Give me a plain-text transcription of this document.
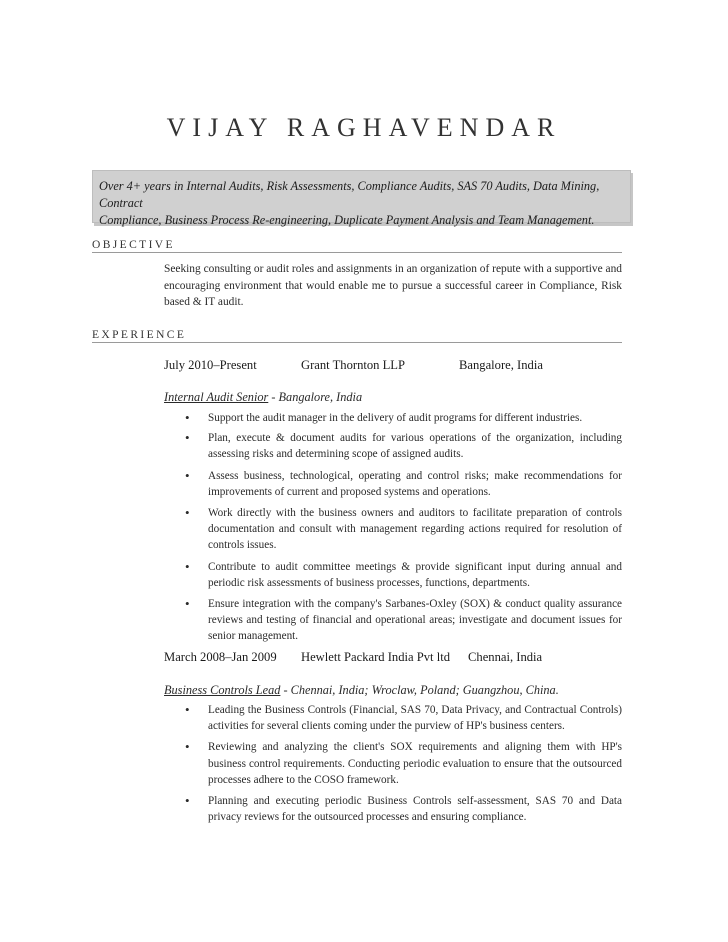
VIJAY RAGHAVENDAR

Over 4+ years in Internal Audits, Risk Assessments, Compliance Audits, SAS 70 Audits, Data Mining, Contract
Compliance, Business Process Re-engineering, Duplicate Payment Analysis and Team Management.

OBJECTIVE

Seeking consulting or audit roles and assignments in an organization of repute with a supportive and encouraging environment that would enable me to pursue a successful career in Compliance, Risk based & IT audit.

EXPERIENCE
July 2010–Present	Grant Thornton LLP	Bangalore, India
Internal Audit Senior - Bangalore, India
• Support the audit manager in the delivery of audit programs for different industries.
• Plan, execute & document audits for various operations of the organization, including assessing risks and determining scope of assigned audits.
• Assess business, technological, operating and control risks; make recommendations for improvements of current and proposed systems and operations.
• Work directly with the business owners and auditors to facilitate preparation of controls documentation and consult with management regarding actions required for resolution of controls issues.
• Contribute to audit committee meetings & provide significant input during annual and periodic risk assessments of business processes, functions, departments.
• Ensure integration with the company's Sarbanes-Oxley (SOX) & conduct quality assurance reviews and testing of financial and operational areas; investigate and document issues for senior management.
March 2008–Jan 2009 Hewlett Packard India Pvt ltd Chennai, India
Business Controls Lead - Chennai, India; Wroclaw, Poland; Guangzhou, China.
• Leading the Business Controls (Financial, SAS 70, Data Privacy, and Contractual Controls) activities for several clients coming under the purview of HP's business centers.
• Reviewing and analyzing the client's SOX requirements and aligning them with HP's business control requirements. Conducting periodic evaluation to ensure that the outsourced processes adhere to the COSO framework.
• Planning and executing periodic Business Controls self-assessment, SAS 70 and Data privacy reviews for the outsourced processes and ensuring compliance.
